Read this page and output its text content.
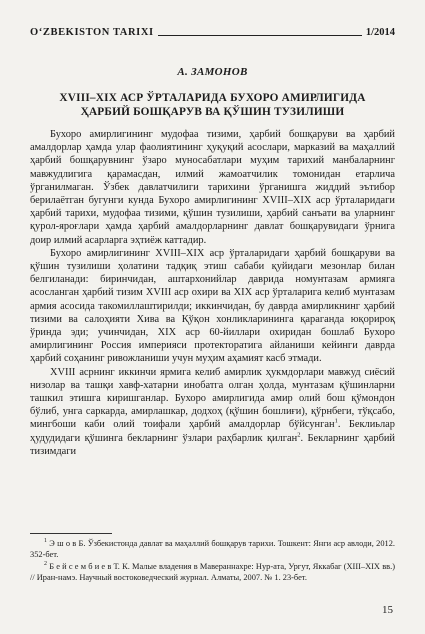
O‘ZBEKISTON TARIXI	1/2014
А. ЗАМОНОВ
XVIII–XIX АСР ЎРТАЛАРИДА БУХОРО АМИРЛИГИДА
ҲАРБИЙ БОШҚАРУВ ВА ҚЎШИН ТУЗИЛИШИ

Бухоро амирлигининг мудофаа тизими, ҳарбий бошқаруви ва ҳарбий амалдорлар ҳамда улар фаолиятининг ҳуқуқий асослари, марказий ва маҳаллий ҳарбий бошқарувнинг ўзаро муносабатлари муҳим тарихий манбаларнинг мавжудлигига қарамасдан, илмий жамоатчилик томонидан етарлича ўрганилмаган. Ўзбек давлатчилиги тарихини ўрганишга жиддий эътибор берилаётган бугунги кунда Бухоро амирлигининг XVIII–XIX аср ўрталаридаги ҳарбий тарихи, мудофаа тизими, қўшин тузилиши, ҳарбий санъати ва уларнинг қурол-яроғлари ҳамда ҳарбий амалдорларнинг давлат бошқарувидаги ўрнига доир илмий асарларга эҳтиёж каттадир.

Бухоро амирлигининг XVIII–XIX аср ўрталаридаги ҳарбий бошқаруви ва қўшин тузилиши ҳолатини тадқиқ этиш сабаби қуйидаги мезонлар билан белгиланади: биринчидан, аштархонийлар даврида номунтазам армияга асосланган ҳарбий тизим XVIII аср охири ва XIX аср ўрталарига келиб мунтазам армия асосида такомиллаштирилди; иккинчидан, бу даврда амирликнинг ҳарбий тизими ва салоҳияти Хива ва Қўқон хонликларининга қараганда юқорироқ ўринда эди; учинчидан, XIX аср 60-йиллари охиридан бошлаб Бухоро амирлигининг Россия империяси протекторатига айланиши кейинги даврда ҳарбий соҳанинг ривожланиши учун муҳим аҳамият касб этмади.

XVIII асрнинг иккинчи ярмига келиб амирлик ҳукмдорлари мавжуд сиёсий низолар ва ташқи хавф-хатарни инобатга олган ҳолда, мунтазам қўшинларни ташкил этишга киришганлар. Бухоро амирлигида амир олий бош қўмондон бўлиб, унга саркарда, амирлашкар, додхоҳ (қўшин бошлиғи), қўрнбеги, тўқсабо, мингбоши каби олий тоифали ҳарбий амалдорлар бўйсунган$^1$. Беклиьлар ҳудудидаги қўшинга бекларнинг ўзлари раҳбарлик қилган$^2$. Бекларнинг ҳарбий тизимдаги

$^1$ Э ш о в Б. Ўзбекистонда давлат ва маҳаллий бошқарув тарихи. Тошкент: Янги аср авлоди, 2012. 352-бет.

$^2$ Б е й с е м б и е в Т. К. Малые владения в Мавераннахре: Нур-ата, Ургут, Яккабаг (XIII–XIX вв.) // Иран-намэ. Научный востоковедческий журнал. Алматы, 2007. № 1. 23-бет.

15
